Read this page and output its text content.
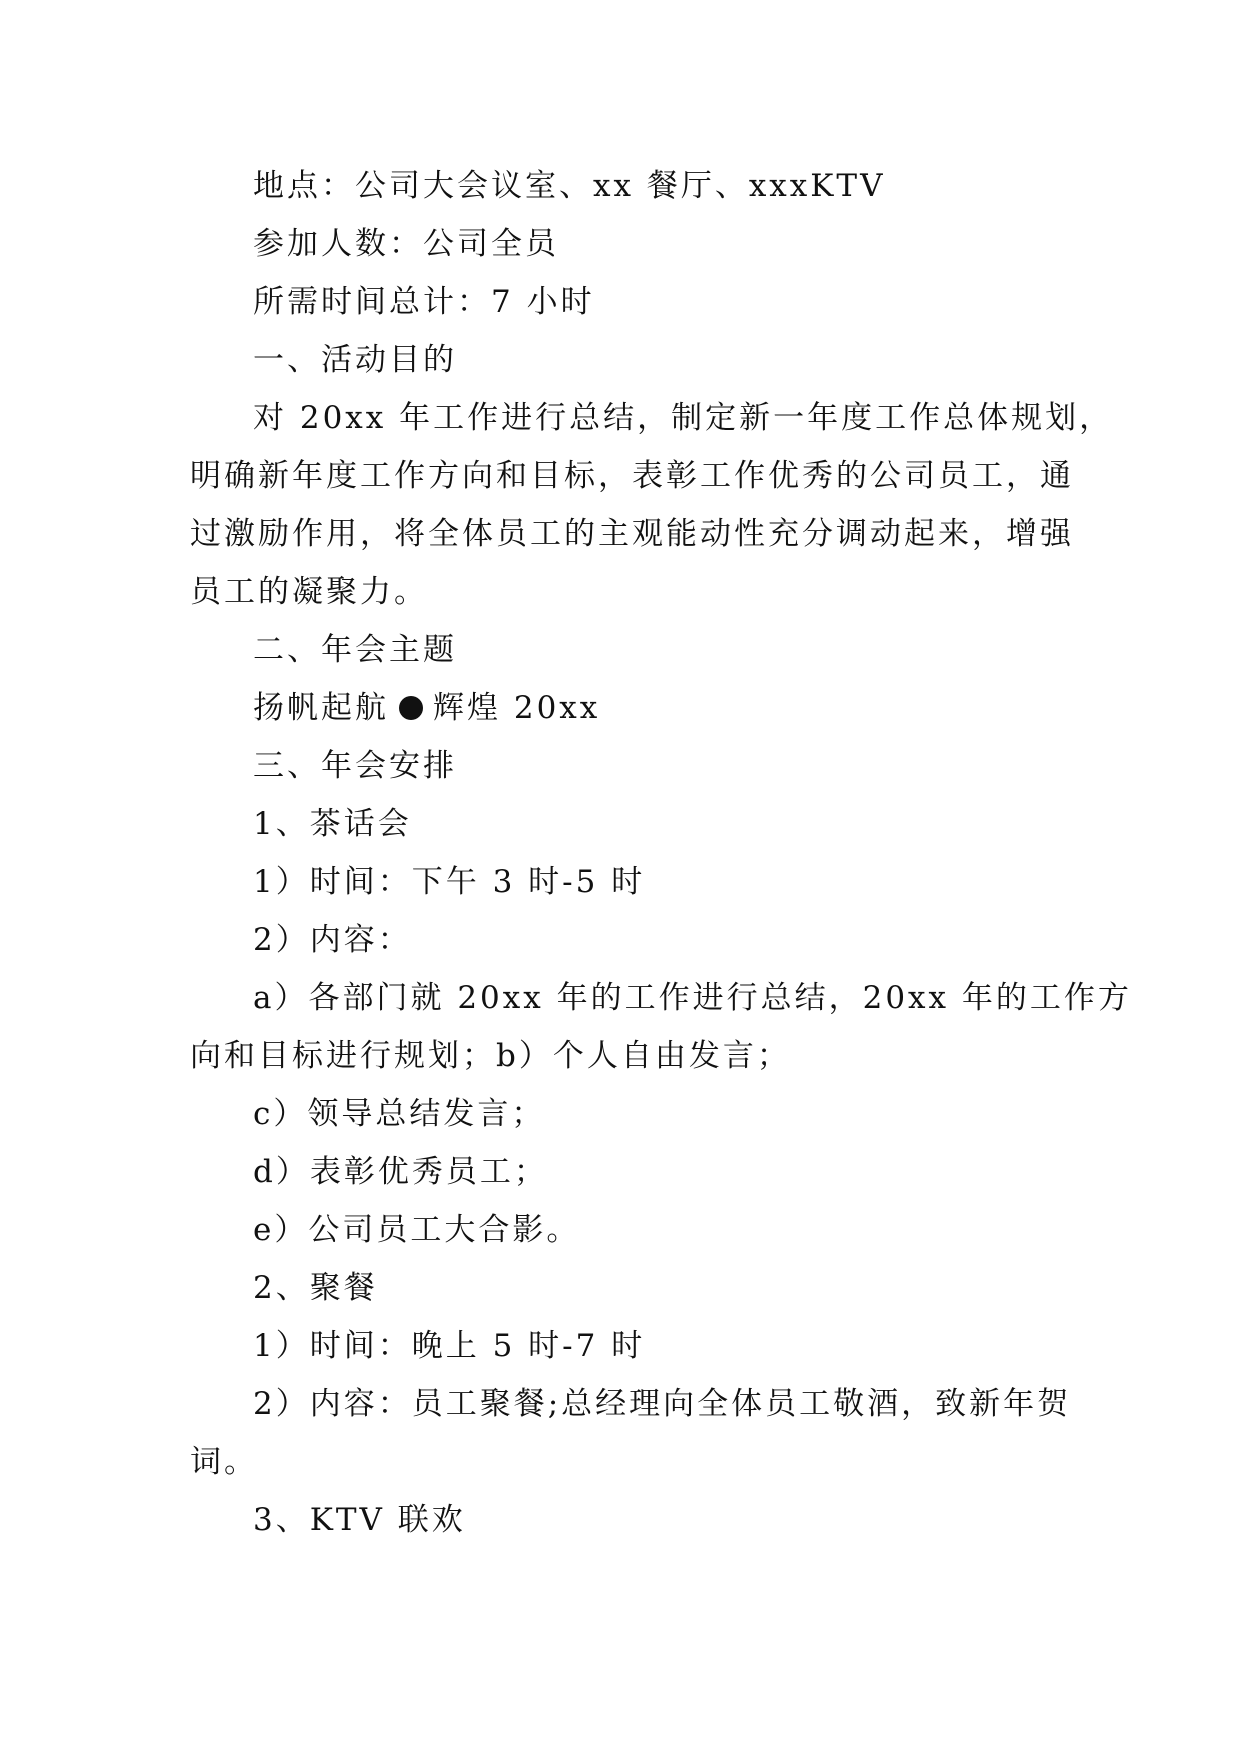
地点：公司大会议室、xx 餐厅、xxxKTV
参加人数：公司全员
所需时间总计：7 小时
一、活动目的
对 20xx 年工作进行总结，制定新一年度工作总体规划，
明确新年度工作方向和目标，表彰工作优秀的公司员工，通
过激励作用，将全体员工的主观能动性充分调动起来，增强
员工的凝聚力。
二、年会主题
扬帆起航 辉煌 20xx
三、年会安排
1、茶话会
1）时间：下午 3 时-5 时
2）内容：
a）各部门就 20xx 年的工作进行总结，20xx 年的工作方
向和目标进行规划；b）个人自由发言；
c）领导总结发言；
d）表彰优秀员工；
e）公司员工大合影。
2、聚餐
1）时间：晚上 5 时-7 时
2）内容：员工聚餐;总经理向全体员工敬酒，致新年贺
词。
3、KTV 联欢
